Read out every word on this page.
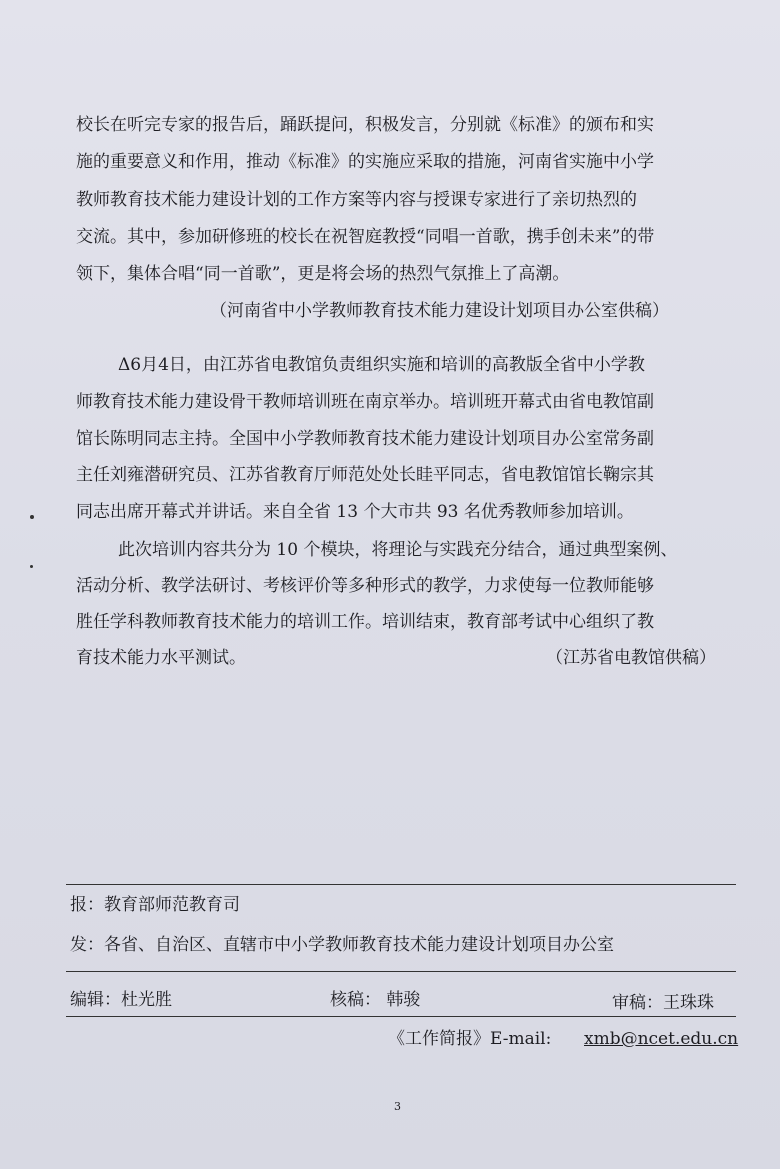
校长在听完专家的报告后，踊跃提问，积极发言，分别就《标准》的颁布和实
施的重要意义和作用，推动《标准》的实施应采取的措施，河南省实施中小学
教师教育技术能力建设计划的工作方案等内容与授课专家进行了亲切热烈的
交流。其中，参加研修班的校长在祝智庭教授“同唱一首歌，携手创未来”的带
领下，集体合唱“同一首歌”，更是将会场的热烈气氛推上了高潮。
（河南省中小学教师教育技术能力建设计划项目办公室供稿）
Δ6月4日，由江苏省电教馆负责组织实施和培训的高教版全省中小学教
师教育技术能力建设骨干教师培训班在南京举办。培训班开幕式由省电教馆副
馆长陈明同志主持。全国中小学教师教育技术能力建设计划项目办公室常务副
主任刘雍潜研究员、江苏省教育厅师范处处长眭平同志，省电教馆馆长鞠宗其
同志出席开幕式并讲话。来自全省 13 个大市共 93 名优秀教师参加培训。
此次培训内容共分为 10 个模块，将理论与实践充分结合，通过典型案例、
活动分析、教学法研讨、考核评价等多种形式的教学，力求使每一位教师能够
胜任学科教师教育技术能力的培训工作。培训结束，教育部考试中心组织了教
育技术能力水平测试。	（江苏省电教馆供稿）
报：教育部师范教育司
发：各省、自治区、直辖市中小学教师教育技术能力建设计划项目办公室
编辑：杜光胜	核稿： 韩骏	审稿：王珠珠
《工作简报》E-mail: xmb@ncet.edu.cn
3
